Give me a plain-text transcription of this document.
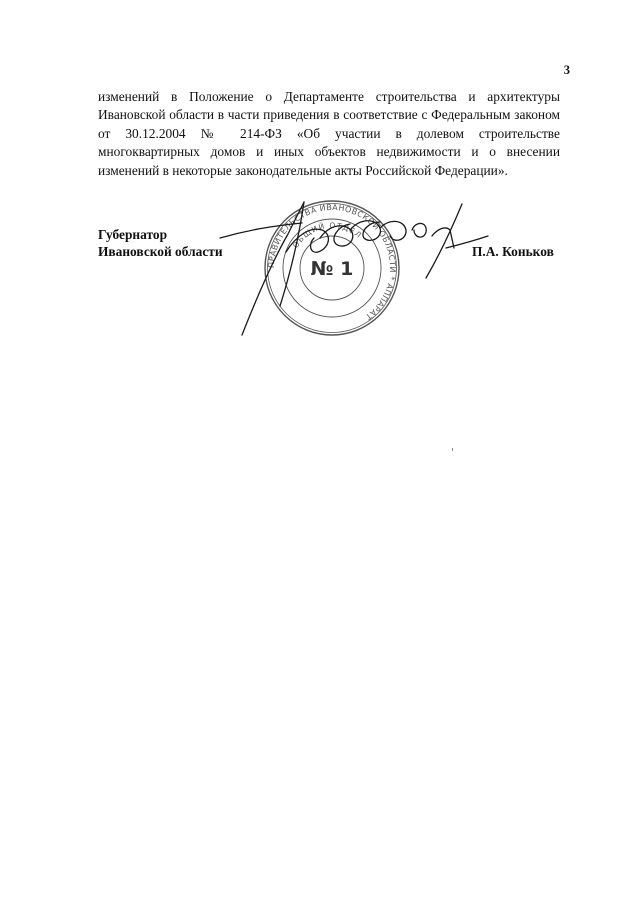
3

изменений в Положение о Департаменте строительства и архитектуры Ивановской области в части приведения в соответствие с Федеральным законом от 30.12.2004 № 214-ФЗ «Об участии в долевом строительстве многоквартирных домов и иных объектов недвижимости и о внесении изменений в некоторые законодательные акты Российской Федерации».

Губернатор
Ивановской области
ПРАВИТЕЛЬСТВА ИВАНОВСКОЙ ОБЛАСТИ * АППАРАТ
ОБЩИЙ ОТДЕЛ
№ 1
П.А. Коньков
